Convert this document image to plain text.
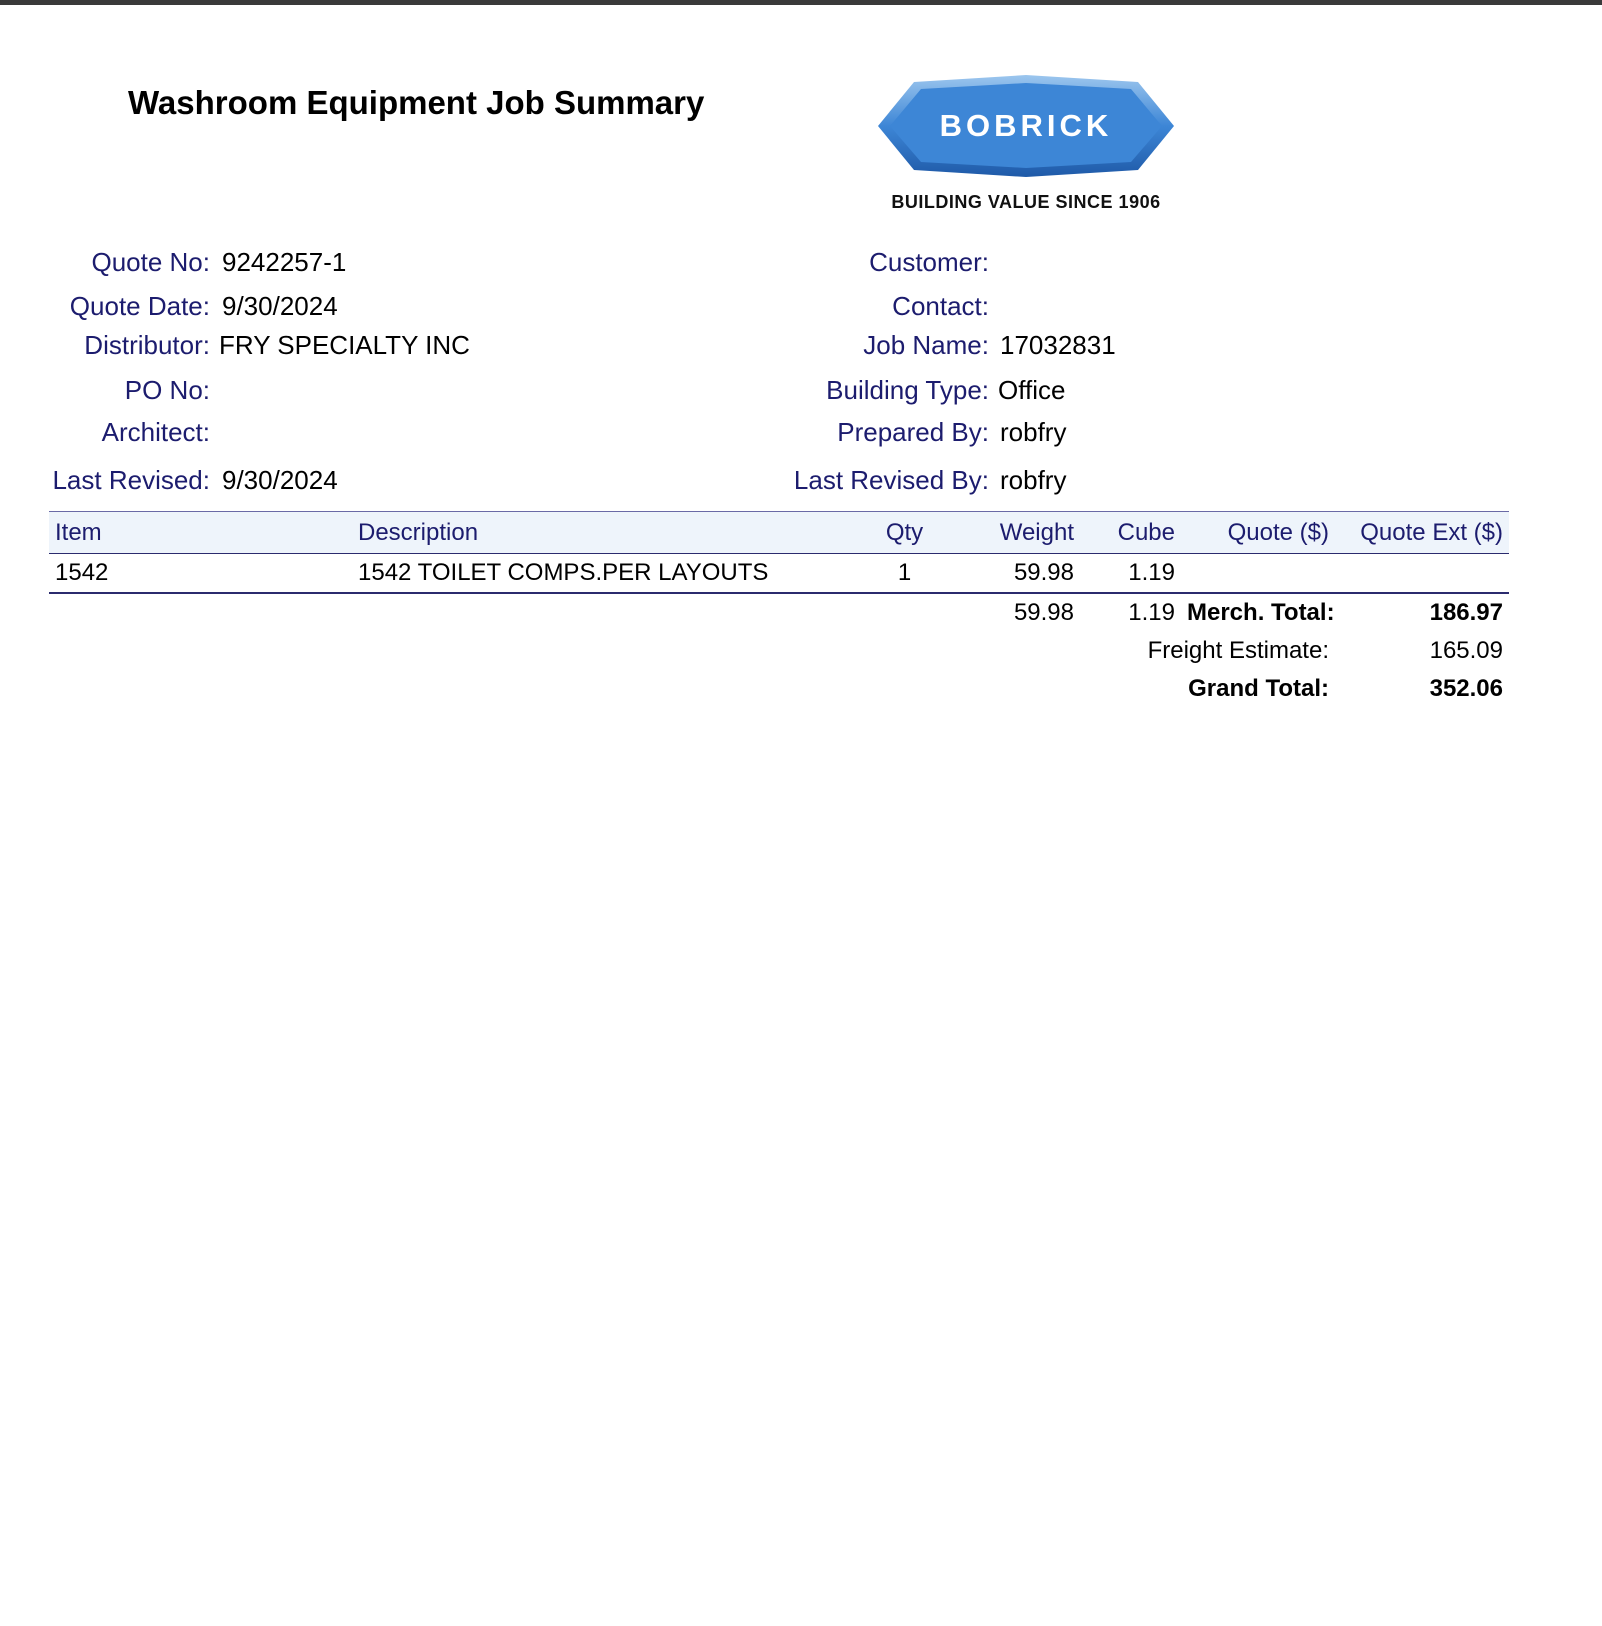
Washroom Equipment Job Summary
BOBRICK
BUILDING VALUE SINCE 1906
Quote No: 9242257-1
Quote Date: 9/30/2024
Distributor: FRY SPECIALTY INC
PO No:
Architect:
Last Revised: 9/30/2024
Customer:
Contact:
Job Name: 17032831
Building Type: Office
Prepared By: robfry
Last Revised By: robfry
Item	Description	Qty	Weight	Cube	Quote ($)	Quote Ext ($)
1542	1542 TOILET COMPS.PER LAYOUTS	1	59.98	1.19		
			59.98	1.19	Merch. Total:	186.97
				Freight Estimate:		165.09
				Grand Total:		352.06
